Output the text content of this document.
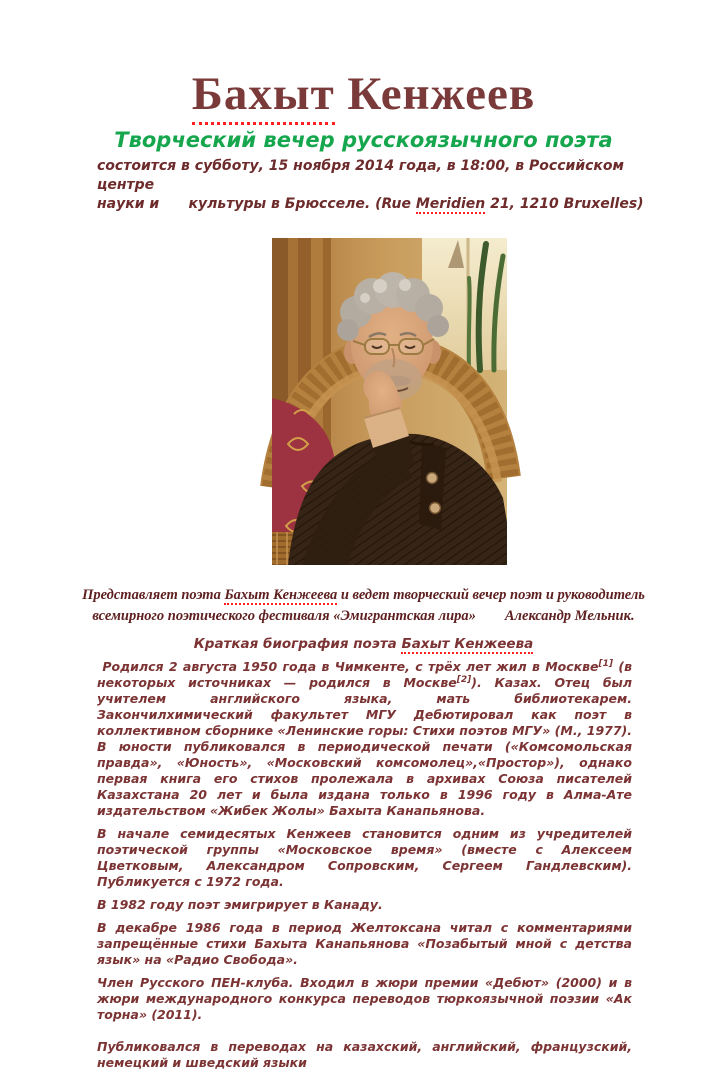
Бахыт Кенжеев
Творческий вечер русскоязычного поэта
состоится в субботу, 15 ноября 2014 года, в 18:00, в Российском центре
науки и      культуры в Брюсселе. (Rue Meridien 21, 1210 Bruxelles)
Представляет поэта Бахыт Кенжеева и ведет творческий вечер поэт и руководитель
всемирного поэтического фестиваля «Эмигрантская лира»        Александр Мельник.
Краткая биография поэта Бахыт Кенжеева

Родился 2 августа 1950 года в Чимкенте, с трёх лет жил в Москве[1] (в некоторых источниках — родился в Москве[2]). Казах. Отец был учителем английского языка, мать библиотекарем. Закончилхимический факультет МГУ Дебютировал как поэт в коллективном сборнике «Ленинские горы: Стихи поэтов МГУ» (М., 1977). В юности публиковался в периодической печати («Комсомольская правда», «Юность», «Московский комсомолец»,«Простор»), однако первая книга его стихов пролежала в архивах Союза писателей Казахстана 20 лет и была издана только в 1996 году в Алма-Ате издательством «Жибек Жолы» Бахыта Канапьянова.

В начале семидесятых Кенжеев становится одним из учредителей поэтической группы «Московское время» (вместе с Алексеем Цветковым, Александром Сопровским, Сергеем Гандлевским). Публикуется с 1972 года.

В 1982 году поэт эмигрирует в Канаду.

В декабре 1986 года в период Желтоксана читал с комментариями запрещённые стихи Бахыта Канапьянова «Позабытый мной с детства язык» на «Радио Свобода».

Член Русского ПЕН-клуба. Входил в жюри премии «Дебют» (2000) и в жюри международного конкурса переводов тюркоязычной поэзии «Ак торна» (2011).

Публиковался в переводах на казахский, английский, французский, немецкий и шведский языки
